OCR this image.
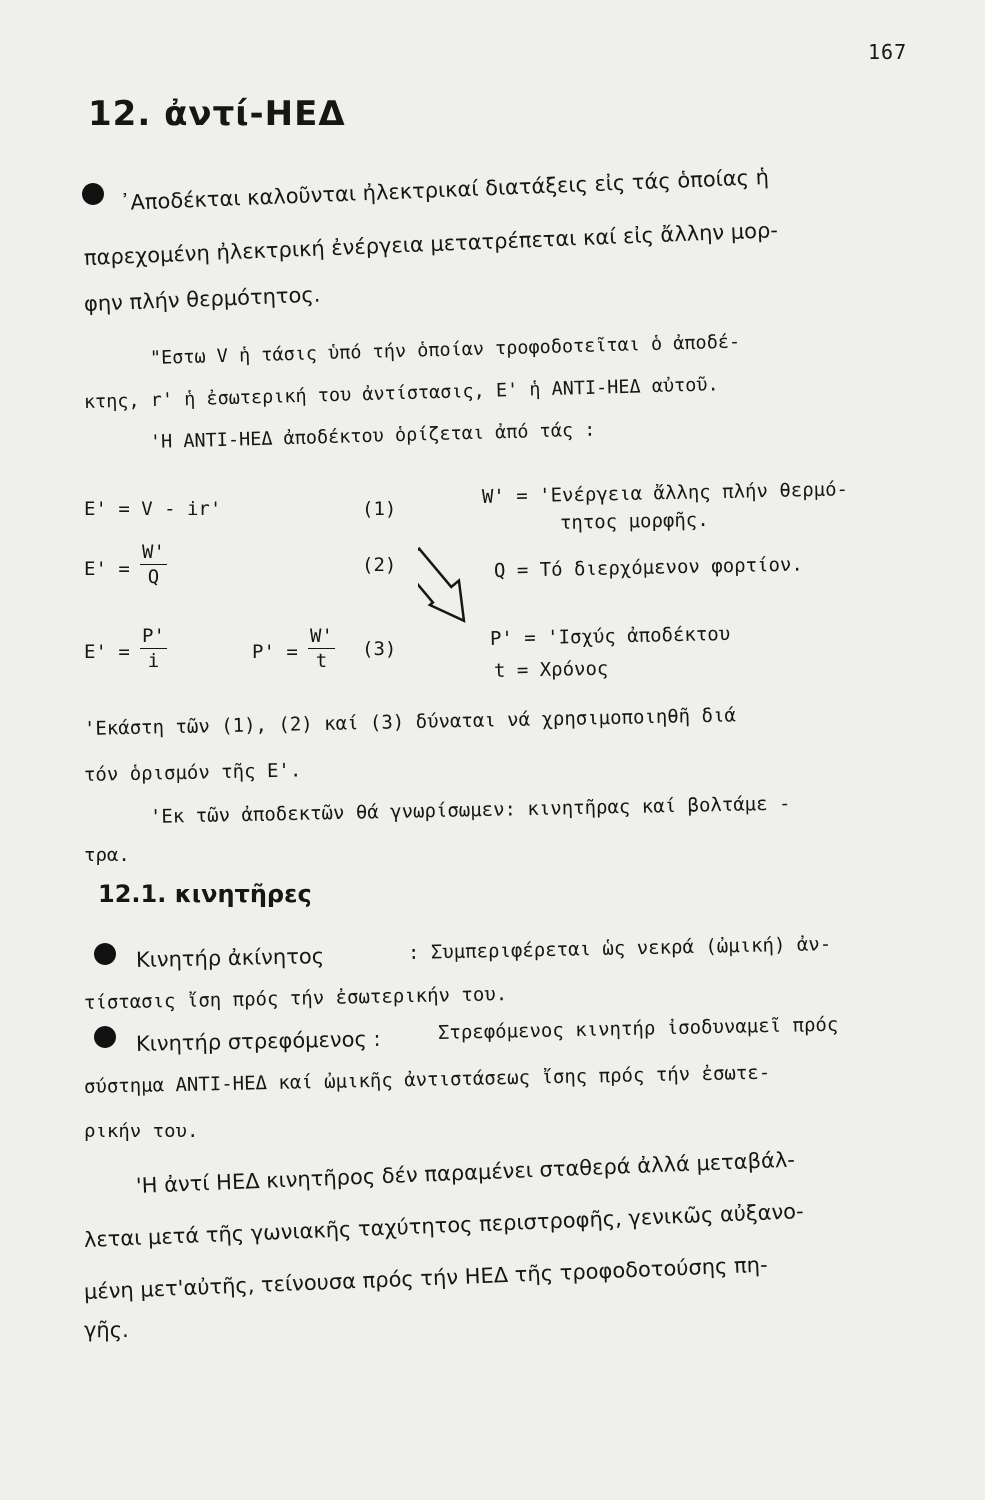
167
12. ἀντί-ΗΕΔ
᾽Αποδέκται καλοῦνται ἠλεκτρικαί διατάξεις εἰς τάς ὁποίας ἡ
παρεχομένη ἠλεκτρική ἐνέργεια μετατρέπεται καί εἰς ἄλλην μορ-
φην πλήν θερμότητος.
"Εστω V ἡ τάσις ὑπό τήν ὁποίαν τροφοδοτεῖται ὁ ἀποδέ-
κτης, r' ἡ ἐσωτερική του ἀντίστασις, E' ἡ ΑΝΤΙ-ΗΕΔ αὐτοῦ.
'Η ΑΝΤΙ-ΗΕΔ ἀποδέκτου ὁρίζεται ἀπό τάς :
E' = V - ir'	(1)
$E' = \frac{W'}{Q}$	(2)
$E' = \frac{P'}{i}$	$P' = \frac{W'}{t} (3)$
W' = 'Ενέργεια ἄλλης πλήν θερμό-
τητος μορφῆς.
Q = Τό διερχόμενον φορτίον.
P' = 'Ισχύς ἀποδέκτου
t = Χρόνος
'Εκάστη τῶν (1), (2) καί (3) δύναται νά χρησιμοποιηθῆ διά
τόν ὁρισμόν τῆς E'.
'Εκ τῶν ἀποδεκτῶν θά γνωρίσωμεν: κινητῆρας καί βολτάμε -
τρα.
12.1. κινητῆρες
Κινητήρ ἀκίνητος	: Συμπεριφέρεται ὡς νεκρά (ὠμική) ἀν-
τίστασις ἴση πρός τήν ἐσωτερικήν του.
Κινητήρ στρεφόμενος :	Στρεφόμενος κινητήρ ἰσοδυναμεῖ πρός
σύστημα ΑΝΤΙ-ΗΕΔ καί ὠμικῆς ἀντιστάσεως ἴσης πρός τήν ἐσωτε-
ρικήν του.
'Η ἀντί ΗΕΔ κινητῆρος δέν παραμένει σταθερά ἀλλά μεταβάλ-
λεται μετά τῆς γωνιακῆς ταχύτητος περιστροφῆς, γενικῶς αὐξανο-
μένη μετ'αὐτῆς, τείνουσα πρός τήν ΗΕΔ τῆς τροφοδοτούσης πη-
γῆς.
